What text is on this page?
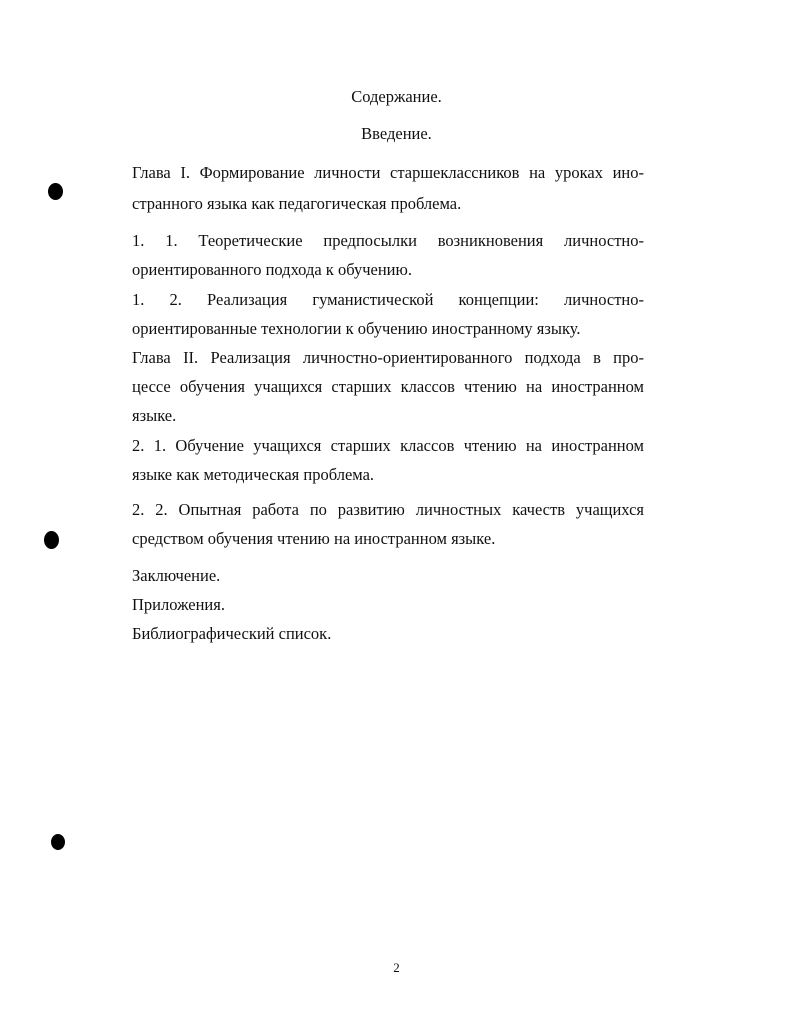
Содержание.
Введение.
Глава I. Формирование личности старшеклассников на уроках ино-
странного языка как педагогическая проблема.
1. 1. Теоретические предпосылки возникновения личностно-
ориентированного подхода к обучению.
1. 2. Реализация гуманистической концепции: личностно-
ориентированные технологии к обучению иностранному языку.
Глава II. Реализация личностно-ориентированного подхода в про-
цессе обучения учащихся старших классов чтению на иностранном
языке.
2. 1. Обучение учащихся старших классов чтению на иностранном
языке как методическая проблема.
2. 2. Опытная работа по развитию личностных качеств учащихся
средством обучения чтению на иностранном языке.
Заключение.
Приложения.
Библиографический список.
2
